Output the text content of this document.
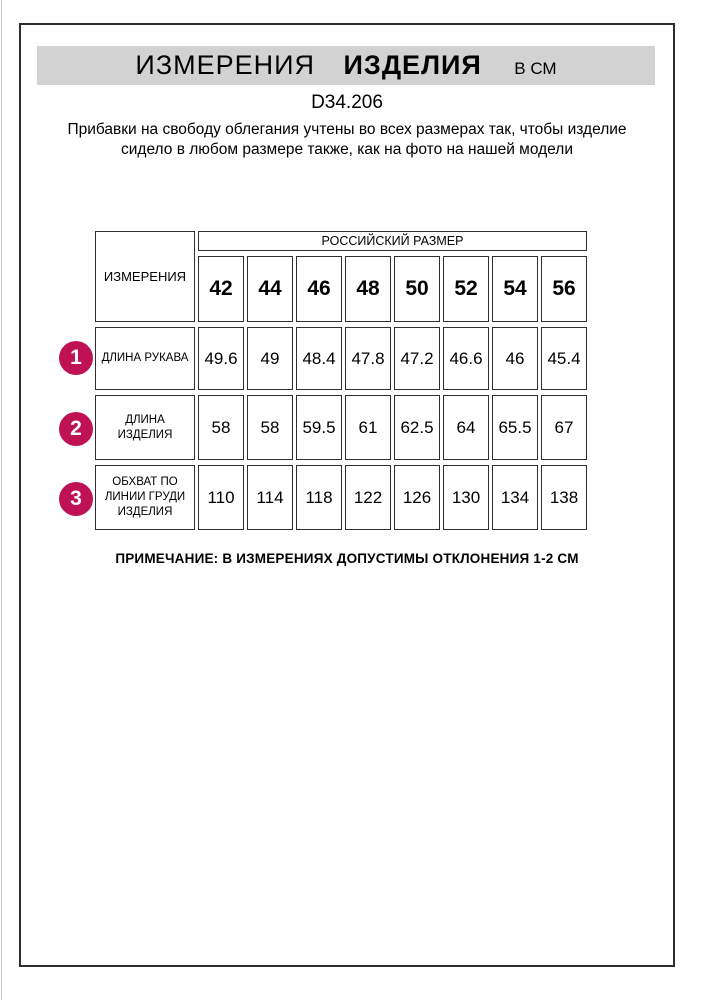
ИЗМЕРЕНИЯ ИЗДЕЛИЯ В СМ
D34.206
Прибавки на свободу облегания учтены во всех размерах так, чтобы изделие сидело в любом размере также, как на фото на нашей модели
ИЗМЕРЕНИЯ	РОССИЙСКИЙ РАЗМЕР							
	42	44	46	48	50	52	54	56
ДЛИНА РУКАВА	49.6	49	48.4	47.8	47.2	46.6	46	45.4
ДЛИНА ИЗДЕЛИЯ	58	58	59.5	61	62.5	64	65.5	67
ОБХВАТ ПО ЛИНИИ ГРУДИ ИЗДЕЛИЯ	110	114	118	122	126	130	134	138
1
2
3
ПРИМЕЧАНИЕ: В ИЗМЕРЕНИЯХ ДОПУСТИМЫ ОТКЛОНЕНИЯ 1-2 СМ
